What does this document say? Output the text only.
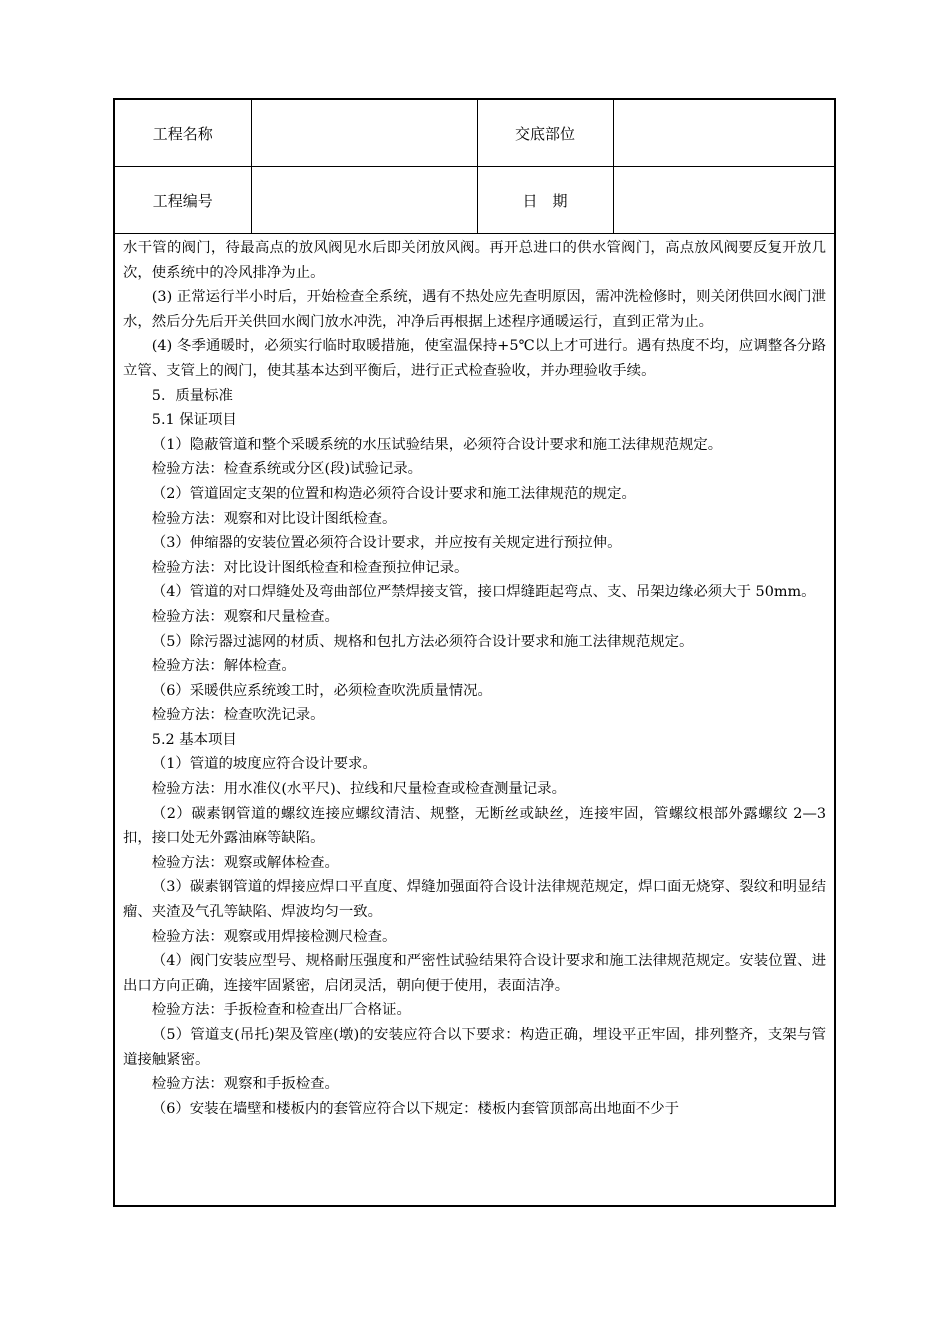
工程名称		交底部位	
工程编号		日　期	

水干管的阀门，待最高点的放风阀见水后即关闭放风阀。再开总进口的供水管阀门，高点放风阀要反复开放几次，使系统中的冷风排净为止。

(3) 正常运行半小时后，开始检查全系统，遇有不热处应先查明原因，需冲洗检修时，则关闭供回水阀门泄水，然后分先后开关供回水阀门放水冲洗，冲净后再根据上述程序通暖运行，直到正常为止。

(4) 冬季通暖时，必须实行临时取暖措施，使室温保持+5℃以上才可进行。遇有热度不均，应调整各分路立管、支管上的阀门，使其基本达到平衡后，进行正式检查验收，并办理验收手续。

5．质量标准

5.1 保证项目

（1）隐蔽管道和整个采暖系统的水压试验结果，必须符合设计要求和施工法律规范规定。

检验方法：检查系统或分区(段)试验记录。

（2）管道固定支架的位置和构造必须符合设计要求和施工法律规范的规定。

检验方法：观察和对比设计图纸检查。

（3）伸缩器的安装位置必须符合设计要求，并应按有关规定进行预拉伸。

检验方法：对比设计图纸检查和检查预拉伸记录。

（4）管道的对口焊缝处及弯曲部位严禁焊接支管，接口焊缝距起弯点、支、吊架边缘必须大于 50mm。

检验方法：观察和尺量检查。

（5）除污器过滤网的材质、规格和包扎方法必须符合设计要求和施工法律规范规定。

检验方法：解体检查。

（6）采暖供应系统竣工时，必须检查吹洗质量情况。

检验方法：检查吹洗记录。

5.2 基本项目

（1）管道的坡度应符合设计要求。

检验方法：用水准仪(水平尺)、拉线和尺量检查或检查测量记录。

（2）碳素钢管道的螺纹连接应螺纹清洁、规整，无断丝或缺丝，连接牢固，管螺纹根部外露螺纹 2—3 扣，接口处无外露油麻等缺陷。

检验方法：观察或解体检查。

（3）碳素钢管道的焊接应焊口平直度、焊缝加强面符合设计法律规范规定，焊口面无烧穿、裂纹和明显结瘤、夹渣及气孔等缺陷、焊波均匀一致。

检验方法：观察或用焊接检测尺检查。

（4）阀门安装应型号、规格耐压强度和严密性试验结果符合设计要求和施工法律规范规定。安装位置、进出口方向正确，连接牢固紧密，启闭灵活，朝向便于使用，表面洁净。

检验方法：手扳检查和检查出厂合格证。

（5）管道支(吊托)架及管座(墩)的安装应符合以下要求：构造正确，埋设平正牢固，排列整齐，支架与管道接触紧密。

检验方法：观察和手扳检查。

（6）安装在墙壁和楼板内的套管应符合以下规定：楼板内套管顶部高出地面不少于
